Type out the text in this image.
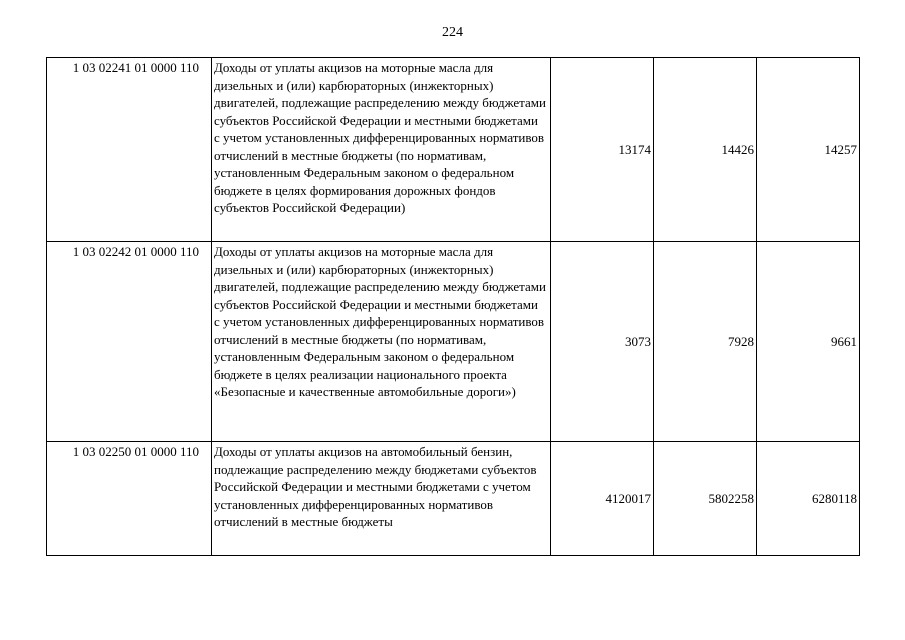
224
1 03 02241 01 0000 110	Доходы от уплаты акцизов на моторные масла для дизельных и (или) карбюраторных (инжекторных) двигателей, подлежащие распределению между бюджетами субъектов Российской Федерации и местными бюджетами с учетом установленных дифференцированных нормативов отчислений в местные бюджеты (по нормативам, установленным Федеральным законом о федеральном бюджете в целях формирования дорожных фондов субъектов Российской Федерации)	13174	14426	14257
1 03 02242 01 0000 110	Доходы от уплаты акцизов на моторные масла для дизельных и (или) карбюраторных (инжекторных) двигателей, подлежащие распределению между бюджетами субъектов Российской Федерации и местными бюджетами с учетом установленных дифференцированных нормативов отчислений в местные бюджеты (по нормативам, установленным Федеральным законом о федеральном бюджете в целях реализации национального проекта «Безопасные и качественные автомобильные дороги»)	3073	7928	9661
1 03 02250 01 0000 110	Доходы от уплаты акцизов на автомобильный бензин, подлежащие распределению между бюджетами субъектов Российской Федерации и местными бюджетами с учетом установленных дифференцированных нормативов отчислений в местные бюджеты	4120017	5802258	6280118
